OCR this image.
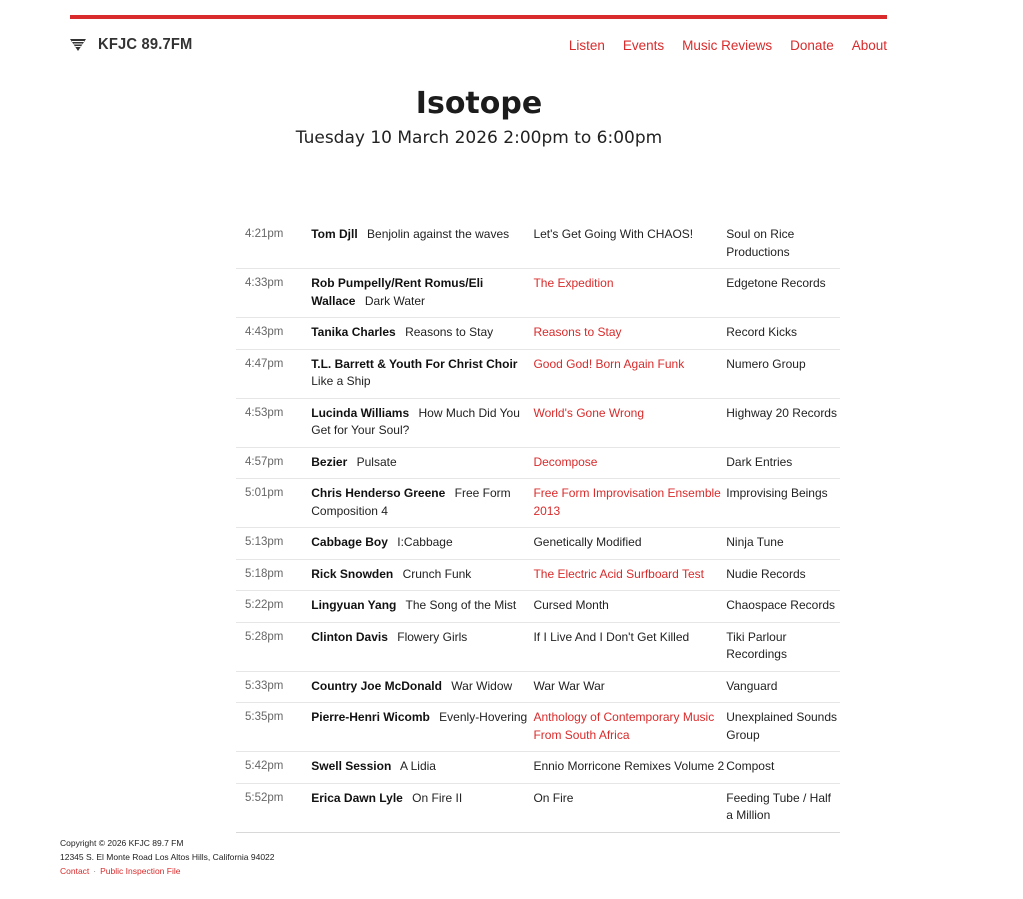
KFJC 89.7FM	Listen Events Music Reviews Donate About
Isotope
Tuesday 10 March 2026 2:00pm to 6:00pm
4:21pm	Tom Djll Benjolin against the waves	Let's Get Going With CHAOS!	Soul on Rice Productions
4:33pm	Rob Pumpelly/Rent Romus/Eli Wallace Dark Water	The Expedition	Edgetone Records
4:43pm	Tanika Charles Reasons to Stay	Reasons to Stay	Record Kicks
4:47pm	T.L. Barrett & Youth For Christ Choir Like a Ship	Good God! Born Again Funk	Numero Group
4:53pm	Lucinda Williams How Much Did You Get for Your Soul?	World's Gone Wrong	Highway 20 Records
4:57pm	Bezier Pulsate	Decompose	Dark Entries
5:01pm	Chris Henderso Greene Free Form Composition 4	Free Form Improvisation Ensemble 2013	Improvising Beings
5:13pm	Cabbage Boy I:Cabbage	Genetically Modified	Ninja Tune
5:18pm	Rick Snowden Crunch Funk	The Electric Acid Surfboard Test	Nudie Records
5:22pm	Lingyuan Yang The Song of the Mist	Cursed Month	Chaospace Records
5:28pm	Clinton Davis Flowery Girls	If I Live And I Don't Get Killed	Tiki Parlour Recordings
5:33pm	Country Joe McDonald War Widow	War War War	Vanguard
5:35pm	Pierre-Henri Wicomb Evenly-Hovering	Anthology of Contemporary Music From South Africa	Unexplained Sounds Group
5:42pm	Swell Session A Lidia	Ennio Morricone Remixes Volume 2	Compost
5:52pm	Erica Dawn Lyle On Fire II	On Fire	Feeding Tube / Half a Million
Copyright © 2026 KFJC 89.7 FM
12345 S. El Monte Road Los Altos Hills, California 94022
Contact · Public Inspection File
